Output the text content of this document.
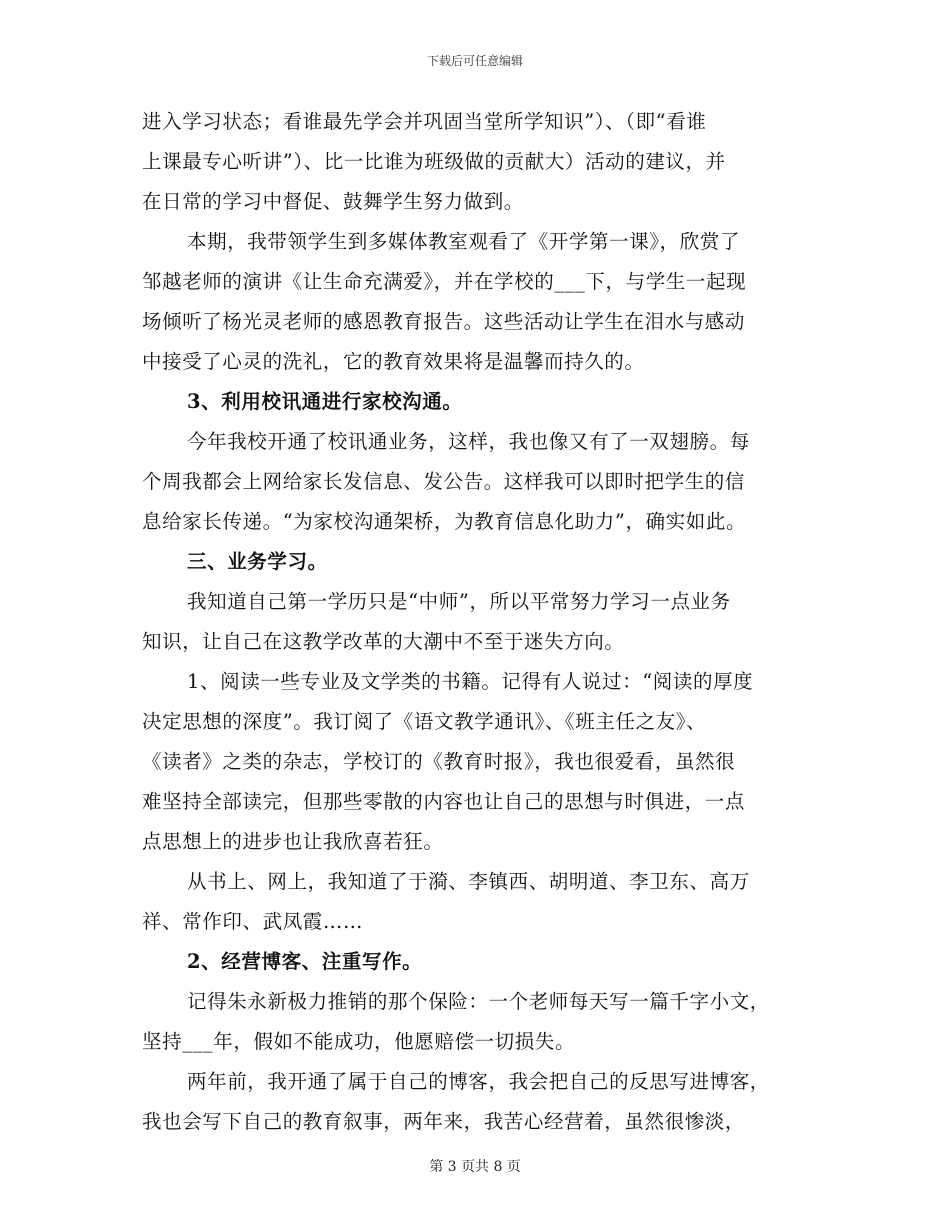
下载后可任意编辑
进入学习状态；看谁最先学会并巩固当堂所学知识”）、（即“看谁
上课最专心听讲”）、比一比谁为班级做的贡献大）活动的建议，并
在日常的学习中督促、鼓舞学生努力做到。
本期，我带领学生到多媒体教室观看了《开学第一课》，欣赏了
邹越老师的演讲《让生命充满爱》，并在学校的___下，与学生一起现
场倾听了杨光灵老师的感恩教育报告。这些活动让学生在泪水与感动
中接受了心灵的洗礼，它的教育效果将是温馨而持久的。
3、利用校讯通进行家校沟通。
今年我校开通了校讯通业务，这样，我也像又有了一双翅膀。每
个周我都会上网给家长发信息、发公告。这样我可以即时把学生的信
息给家长传递。“为家校沟通架桥，为教育信息化助力”，确实如此。
三、业务学习。
我知道自己第一学历只是“中师”，所以平常努力学习一点业务
知识，让自己在这教学改革的大潮中不至于迷失方向。
1、阅读一些专业及文学类的书籍。记得有人说过：“阅读的厚度
决定思想的深度”。我订阅了《语文教学通讯》、《班主任之友》、
《读者》之类的杂志，学校订的《教育时报》，我也很爱看，虽然很
难坚持全部读完，但那些零散的内容也让自己的思想与时俱进，一点
点思想上的进步也让我欣喜若狂。
从书上、网上，我知道了于漪、李镇西、胡明道、李卫东、高万
祥、常作印、武凤霞……
2、经营博客、注重写作。
记得朱永新极力推销的那个保险：一个老师每天写一篇千字小文，
坚持___年，假如不能成功，他愿赔偿一切损失。
两年前，我开通了属于自己的博客，我会把自己的反思写进博客，
我也会写下自己的教育叙事，两年来，我苦心经营着，虽然很惨淡，
第 3 页共 8 页
